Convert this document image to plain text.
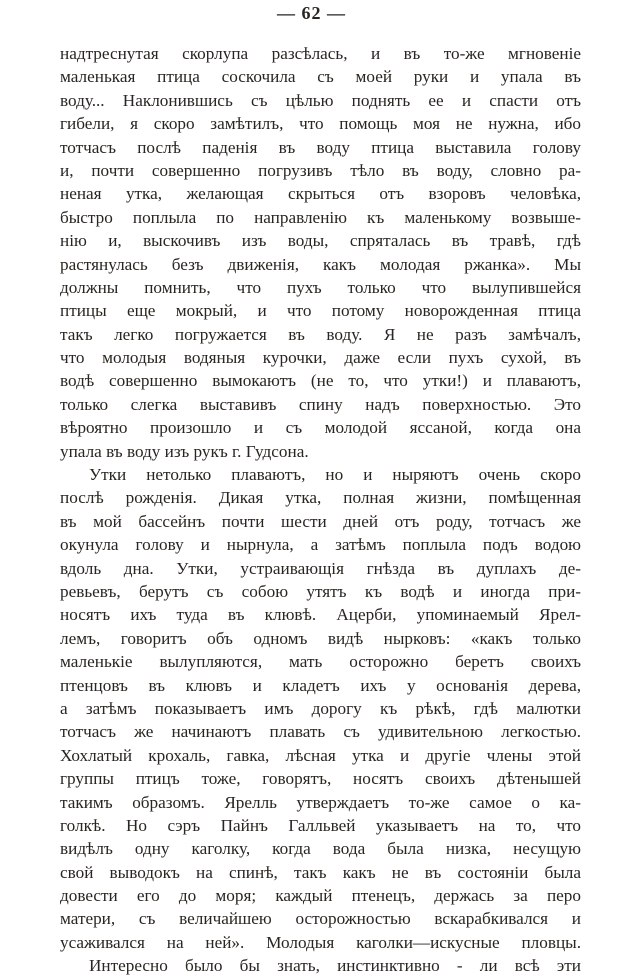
— 62 —
надтреснутая скорлупа разсѣлась, и въ то-же мгновеніе
маленькая птица соскочила съ моей руки и упала въ
воду... Наклонившись съ цѣлью поднять ее и спасти отъ
гибели, я скоро замѣтилъ, что помощь моя не нужна, ибо
тотчасъ послѣ паденія въ воду птица выставила голову
и, почти совершенно погрузивъ тѣло въ воду, словно ра-
неная утка, желающая скрыться отъ взоровъ человѣка,
быстро поплыла по направленію къ маленькому возвыше-
нію и, выскочивъ изъ воды, спряталась въ травѣ, гдѣ
растянулась безъ движенія, какъ молодая ржанка». Мы
должны помнить, что пухъ только что вылупившейся
птицы еще мокрый, и что потому новорожденная птица
такъ легко погружается въ воду. Я не разъ замѣчалъ,
что молодыя водяныя курочки, даже если пухъ сухой, въ
водѣ совершенно вымокаютъ (не то, что утки!) и плаваютъ,
только слегка выставивъ спину надъ поверхностью. Это
вѣроятно произошло и съ молодой яссаной, когда она
упала въ воду изъ рукъ г. Гудсона.
Утки нетолько плаваютъ, но и ныряютъ очень скоро
послѣ рожденія. Дикая утка, полная жизни, помѣщенная
въ мой бассейнъ почти шести дней отъ роду, тотчасъ же
окунула голову и нырнула, а затѣмъ поплыла подъ водою
вдоль дна. Утки, устраивающія гнѣзда въ дуплахъ де-
ревьевъ, берутъ съ собою утятъ къ водѣ и иногда при-
носятъ ихъ туда въ клювѣ. Ацерби, упоминаемый Ярел-
лемъ, говоритъ объ одномъ видѣ нырковъ: «какъ только
маленькіе вылупляются, мать осторожно беретъ своихъ
птенцовъ въ клювъ и кладетъ ихъ у основанія дерева,
а затѣмъ показываетъ имъ дорогу къ рѣкѣ, гдѣ малютки
тотчасъ же начинаютъ плавать съ удивительною легкостью.
Хохлатый крохаль, гавка, лѣсная утка и другіе члены этой
группы птицъ тоже, говорятъ, носятъ своихъ дѣтенышей
такимъ образомъ. Ярелль утверждаетъ то-же самое о ка-
голкѣ. Но сэръ Пайнъ Галльвей указываетъ на то, что
видѣлъ одну каголку, когда вода была низка, несущую
свой выводокъ на спинѣ, такъ какъ не въ состояніи была
довести его до моря; каждый птенецъ, держась за перо
матери, съ величайшею осторожностью вскарабкивался и
усаживался на ней». Молодыя каголки—искусные пловцы.
Интересно было бы знать, инстинктивно - ли всѣ эти
